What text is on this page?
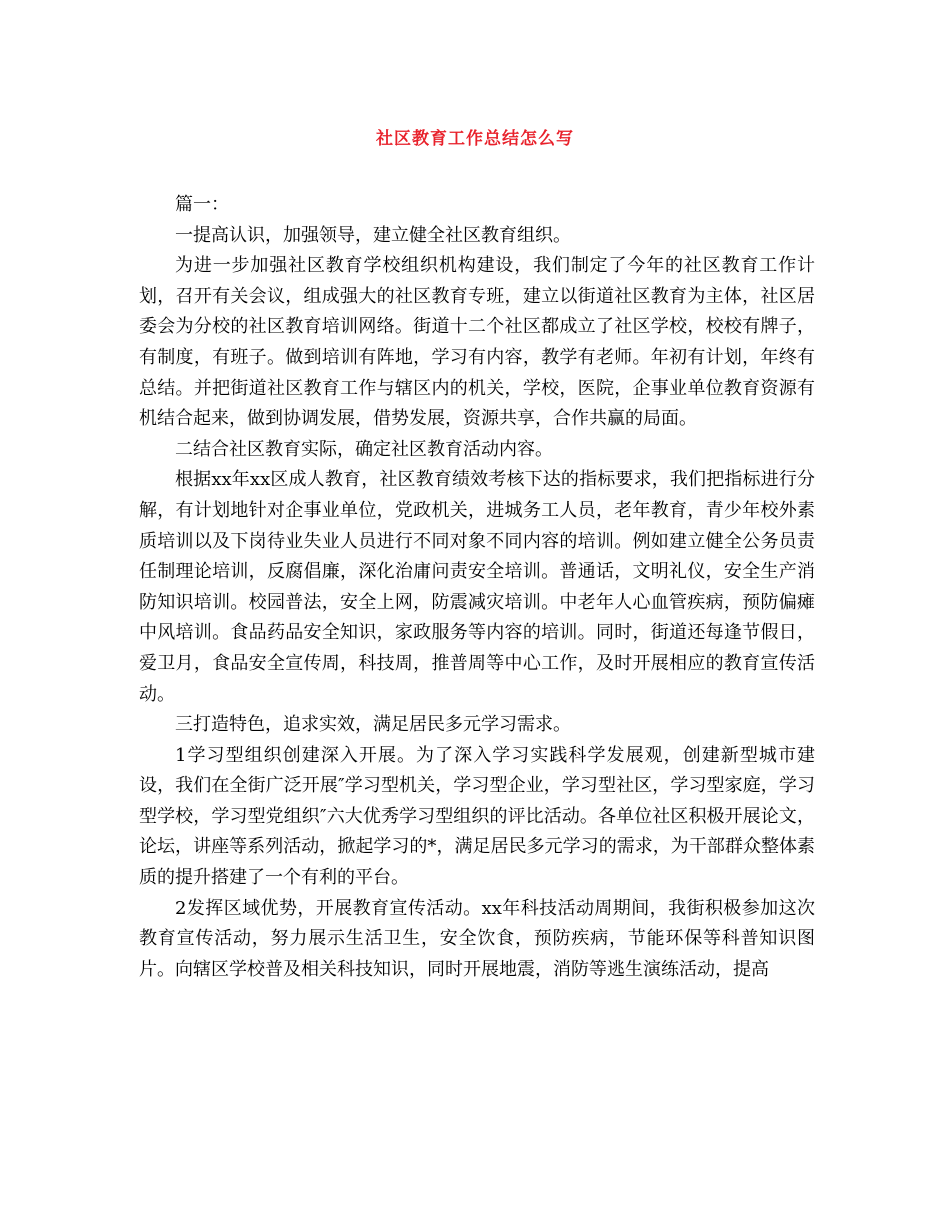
社区教育工作总结怎么写

篇一：

一提高认识，加强领导，建立健全社区教育组织。

为进一步加强社区教育学校组织机构建设，我们制定了今年的社区教育工作计划，召开有关会议，组成强大的社区教育专班，建立以街道社区教育为主体，社区居委会为分校的社区教育培训网络。街道十二个社区都成立了社区学校，校校有牌子，有制度，有班子。做到培训有阵地，学习有内容，教学有老师。年初有计划，年终有总结。并把街道社区教育工作与辖区内的机关，学校，医院，企事业单位教育资源有机结合起来，做到协调发展，借势发展，资源共享，合作共赢的局面。

二结合社区教育实际，确定社区教育活动内容。

根据xx年xx区成人教育，社区教育绩效考核下达的指标要求，我们把指标进行分解，有计划地针对企事业单位，党政机关，进城务工人员，老年教育，青少年校外素质培训以及下岗待业失业人员进行不同对象不同内容的培训。例如建立健全公务员责任制理论培训，反腐倡廉，深化治庸问责安全培训。普通话，文明礼仪，安全生产消防知识培训。校园普法，安全上网，防震减灾培训。中老年人心血管疾病，预防偏瘫中风培训。食品药品安全知识，家政服务等内容的培训。同时，街道还每逢节假日，爱卫月，食品安全宣传周，科技周，推普周等中心工作，及时开展相应的教育宣传活动。

三打造特色，追求实效，满足居民多元学习需求。

1学习型组织创建深入开展。为了深入学习实践科学发展观，创建新型城市建设，我们在全街广泛开展″学习型机关，学习型企业，学习型社区，学习型家庭，学习型学校，学习型党组织″六大优秀学习型组织的评比活动。各单位社区积极开展论文，论坛，讲座等系列活动，掀起学习的*，满足居民多元学习的需求，为干部群众整体素质的提升搭建了一个有利的平台。

2发挥区域优势，开展教育宣传活动。xx年科技活动周期间，我街积极参加这次教育宣传活动，努力展示生活卫生，安全饮食，预防疾病，节能环保等科普知识图片。向辖区学校普及相关科技知识，同时开展地震，消防等逃生演练活动，提高
